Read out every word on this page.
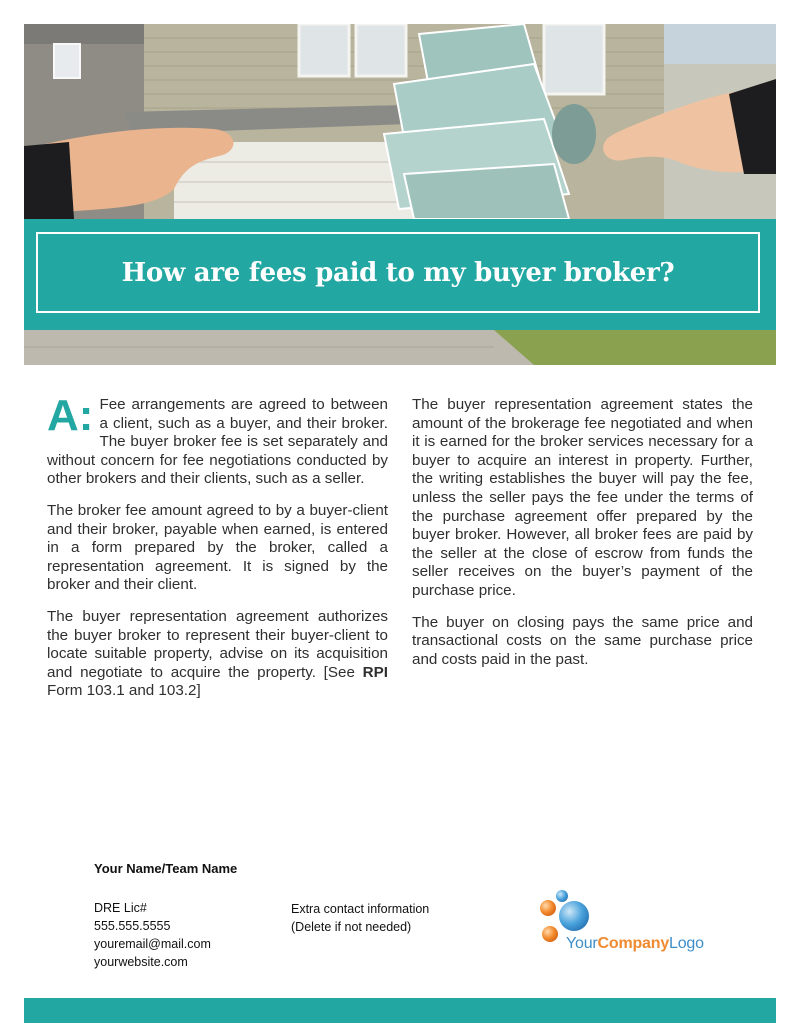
How are fees paid to my buyer broker?

A: Fee arrangements are agreed to between a client, such as a buyer, and their broker. The buyer broker fee is set separately and without concern for fee negotiations conducted by other brokers and their clients, such as a seller.

The broker fee amount agreed to by a buyer-client and their broker, payable when earned, is entered in a form prepared by the broker, called a representation agreement. It is signed by the broker and their client.

The buyer representation agreement authorizes the buyer broker to represent their buyer-client to locate suitable property, advise on its acquisition and negotiate to acquire the property. [See RPI Form 103.1 and 103.2]

The buyer representation agreement states the amount of the brokerage fee negotiated and when it is earned for the broker services necessary for a buyer to acquire an interest in property. Further, the writing establishes the buyer will pay the fee, unless the seller pays the fee under the terms of the purchase agreement offer prepared by the buyer broker. However, all broker fees are paid by the seller at the close of escrow from funds the seller receives on the buyer’s payment of the purchase price.

The buyer on closing pays the same price and transactional costs on the same purchase price and costs paid in the past.

Your Name/Team Name
DRE Lic#
555.555.5555
youremail@mail.com
yourwebsite.com
Extra contact information
(Delete if not needed)
YourCompanyLogo
